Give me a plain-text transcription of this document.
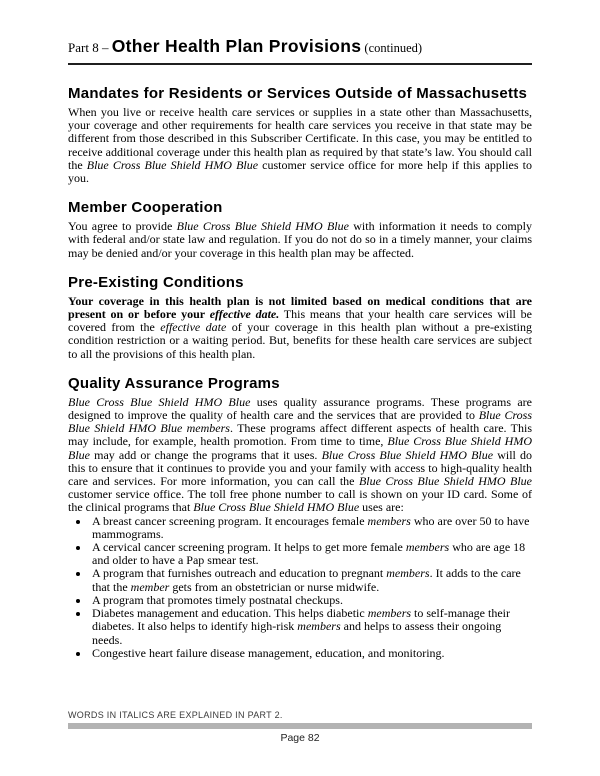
Part 8 – Other Health Plan Provisions (continued)
Mandates for Residents or Services Outside of Massachusetts

When you live or receive health care services or supplies in a state other than Massachusetts, your coverage and other requirements for health care services you receive in that state may be different from those described in this Subscriber Certificate. In this case, you may be entitled to receive additional coverage under this health plan as required by that state’s law. You should call the Blue Cross Blue Shield HMO Blue customer service office for more help if this applies to you.

Member Cooperation

You agree to provide Blue Cross Blue Shield HMO Blue with information it needs to comply with federal and/or state law and regulation. If you do not do so in a timely manner, your claims may be denied and/or your coverage in this health plan may be affected.

Pre-Existing Conditions

Your coverage in this health plan is not limited based on medical conditions that are present on or before your effective date. This means that your health care services will be covered from the effective date of your coverage in this health plan without a pre-existing condition restriction or a waiting period. But, benefits for these health care services are subject to all the provisions of this health plan.

Quality Assurance Programs

Blue Cross Blue Shield HMO Blue uses quality assurance programs. These programs are designed to improve the quality of health care and the services that are provided to Blue Cross Blue Shield HMO Blue members. These programs affect different aspects of health care. This may include, for example, health promotion. From time to time, Blue Cross Blue Shield HMO Blue may add or change the programs that it uses. Blue Cross Blue Shield HMO Blue will do this to ensure that it continues to provide you and your family with access to high-quality health care and services. For more information, you can call the Blue Cross Blue Shield HMO Blue customer service office. The toll free phone number to call is shown on your ID card. Some of the clinical programs that Blue Cross Blue Shield HMO Blue uses are:

• A breast cancer screening program. It encourages female members who are over 50 to have mammograms.
• A cervical cancer screening program. It helps to get more female members who are age 18 and older to have a Pap smear test.
• A program that furnishes outreach and education to pregnant members. It adds to the care that the member gets from an obstetrician or nurse midwife.
• A program that promotes timely postnatal checkups.
• Diabetes management and education. This helps diabetic members to self-manage their diabetes. It also helps to identify high-risk members and helps to assess their ongoing needs.
• Congestive heart failure disease management, education, and monitoring.
WORDS IN ITALICS ARE EXPLAINED IN PART 2.
Page 82
